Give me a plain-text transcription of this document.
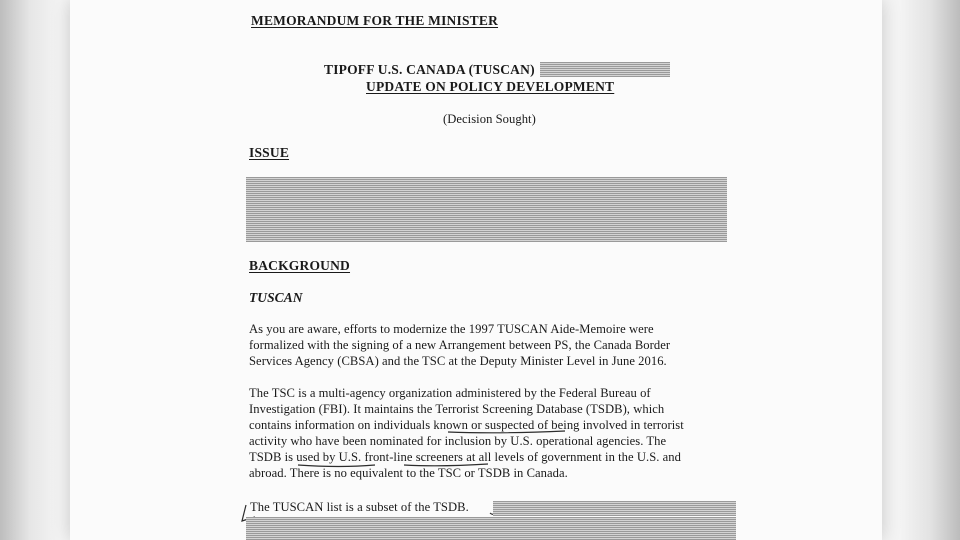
MEMORANDUM FOR THE MINISTER
TIPOFF U.S. CANADA (TUSCAN)
UPDATE ON POLICY DEVELOPMENT
(Decision Sought)
ISSUE
BACKGROUND
TUSCAN
As you are aware, efforts to modernize the 1997 TUSCAN Aide-Memoire were
formalized with the signing of a new Arrangement between PS, the Canada Border
Services Agency (CBSA) and the TSC at the Deputy Minister Level in June 2016.
The TSC is a multi-agency organization administered by the Federal Bureau of
Investigation (FBI). It maintains the Terrorist Screening Database (TSDB), which
contains information on individuals known or suspected of being involved in terrorist
activity who have been nominated for inclusion by U.S. operational agencies. The
TSDB is used by U.S. front-line screeners at all levels of government in the U.S. and
abroad. There is no equivalent to the TSC or TSDB in Canada.
The TUSCAN list is a subset of the TSDB.
